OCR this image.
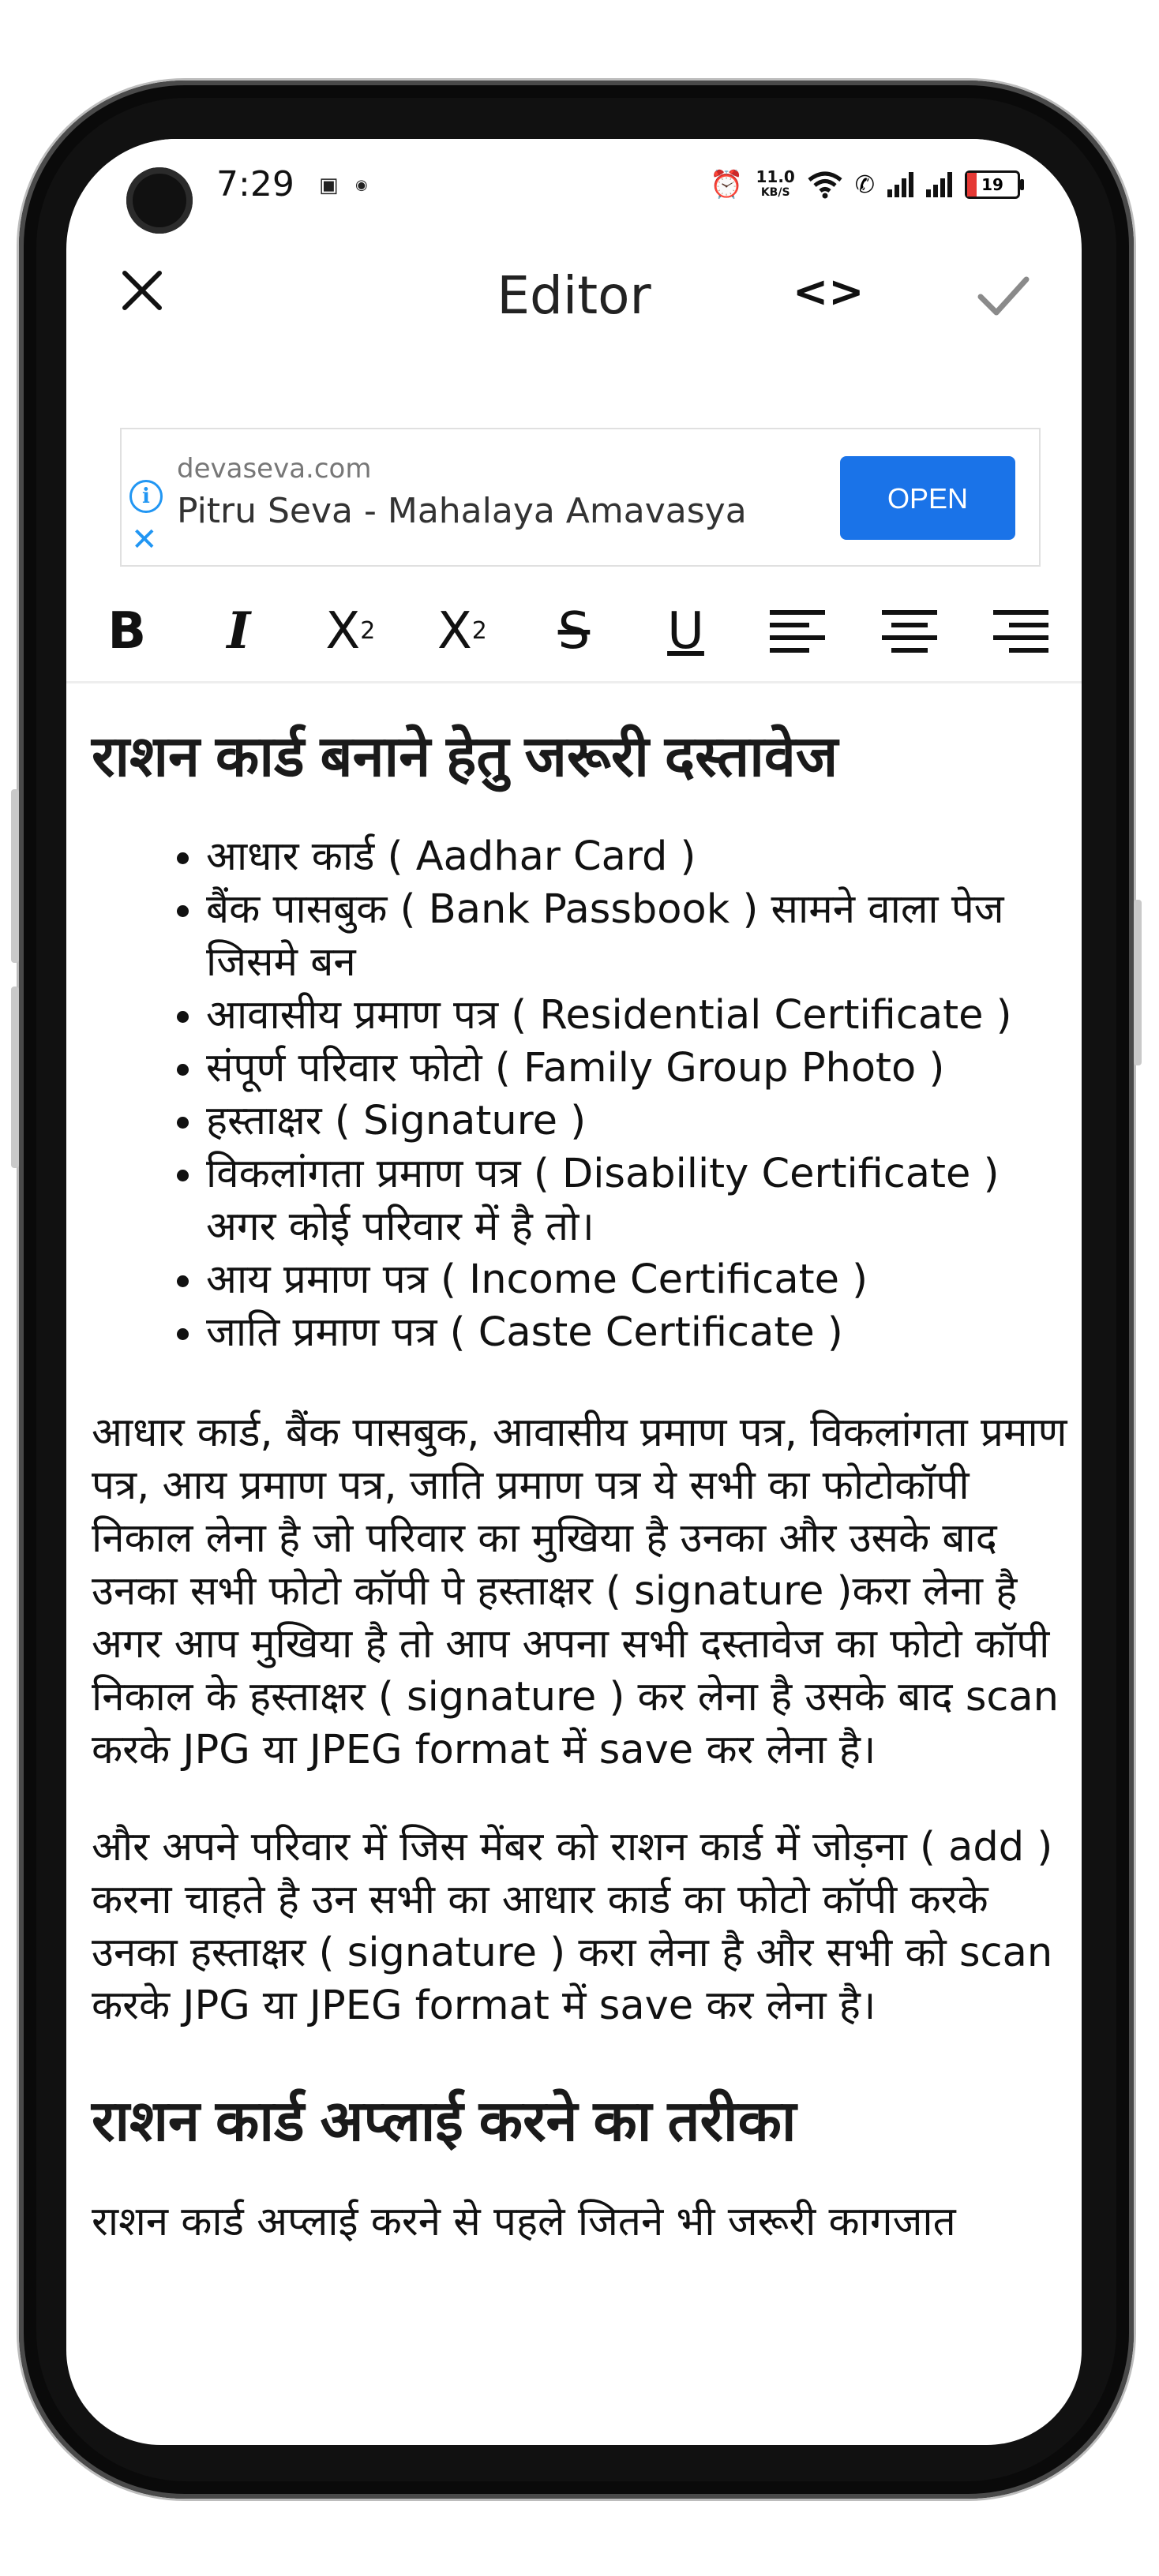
7:29 ▣ ◉	⏰ 11.0
KB/S	✆	19
Editor	<>
i
✕
devaseva.com
Pitru Seva - Mahalaya Amavasya	OPEN
B	I	X 2 X 2	S	U
राशन कार्ड बनाने हेतु जरूरी दस्तावेज
• आधार कार्ड ( Aadhar Card )
• बैंक पासबुक ( Bank Passbook ) सामने वाला पेज जिसमे बन
• आवासीय प्रमाण पत्र ( Residential Certificate )
• संपूर्ण परिवार फोटो ( Family Group Photo )
• हस्ताक्षर ( Signature )
• विकलांगता प्रमाण पत्र ( Disability Certificate ) अगर कोई परिवार में है तो।
• आय प्रमाण पत्र ( Income Certificate )
• जाति प्रमाण पत्र ( Caste Certificate )

आधार कार्ड, बैंक पासबुक, आवासीय प्रमाण पत्र, विकलांगता प्रमाण पत्र, आय प्रमाण पत्र, जाति प्रमाण पत्र ये सभी का फोटोकॉपी निकाल लेना है जो परिवार का मुखिया है उनका और उसके बाद उनका सभी फोटो कॉपी पे हस्ताक्षर ( signature )करा लेना है अगर आप मुखिया है तो आप अपना सभी दस्तावेज का फोटो कॉपी निकाल के हस्ताक्षर ( signature ) कर लेना है उसके बाद scan करके JPG या JPEG format में save कर लेना है।

और अपने परिवार में जिस मेंबर को राशन कार्ड में जोड़ना ( add ) करना चाहते है उन सभी का आधार कार्ड का फोटो कॉपी करके उनका हस्ताक्षर ( signature ) करा लेना है और सभी को scan करके JPG या JPEG format में save कर लेना है।

राशन कार्ड अप्लाई करने का तरीका
राशन कार्ड अप्लाई करने से पहले जितने भी जरूरी कागजात
